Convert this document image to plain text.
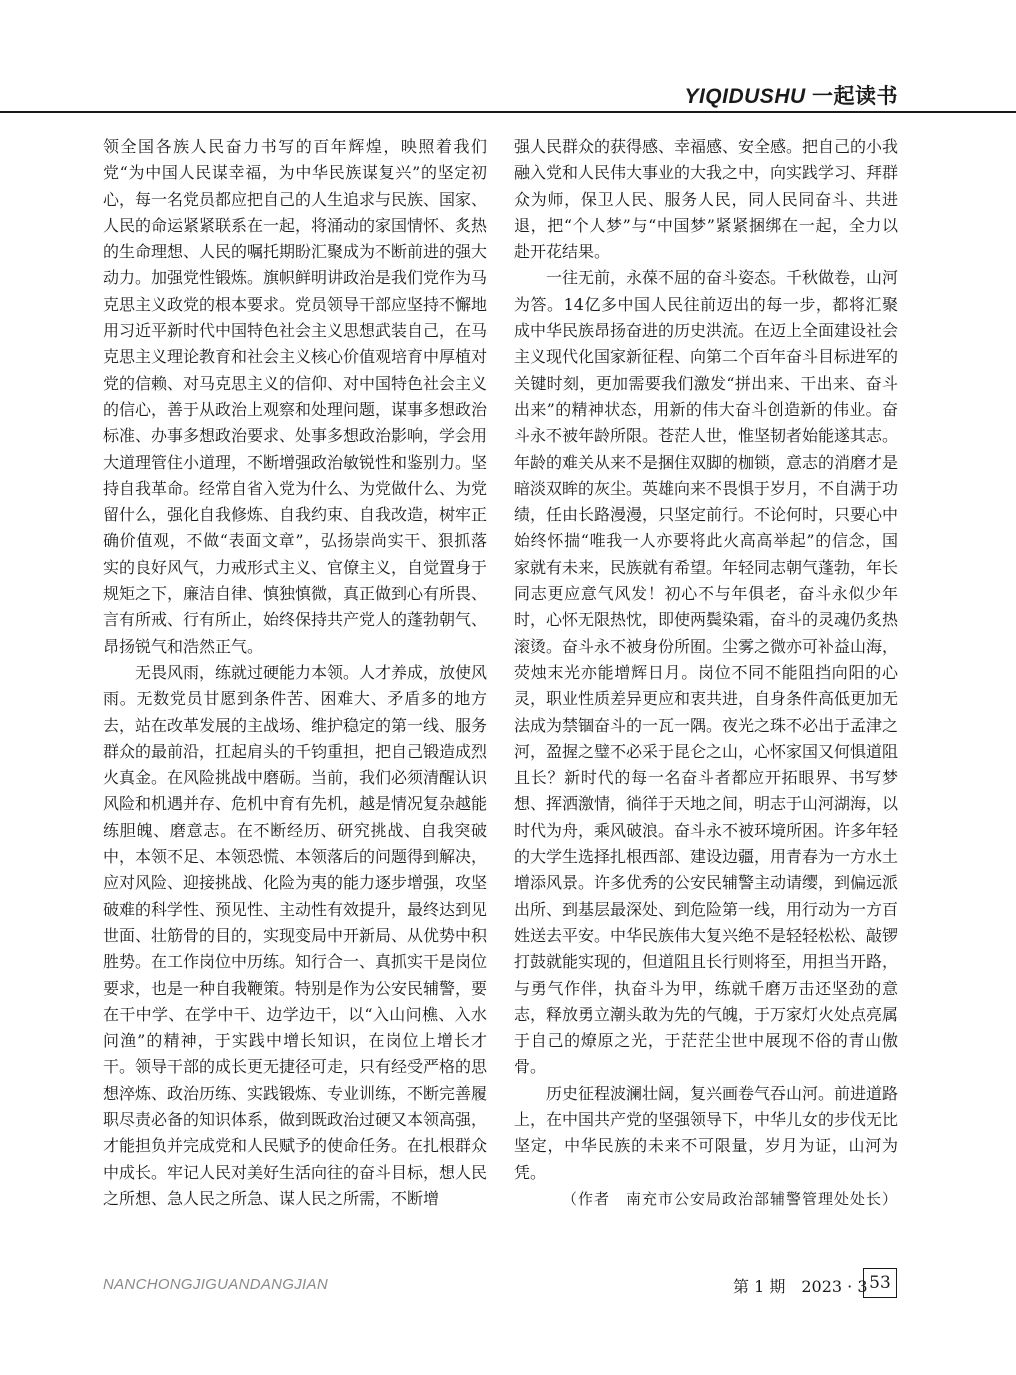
YIQIDUSHU 一起读书

领全国各族人民奋力书写的百年辉煌，映照着我们党“为中国人民谋幸福，为中华民族谋复兴”的坚定初心，每一名党员都应把自己的人生追求与民族、国家、人民的命运紧紧联系在一起，将涌动的家国情怀、炙热的生命理想、人民的嘱托期盼汇聚成为不断前进的强大动力。加强党性锻炼。旗帜鲜明讲政治是我们党作为马克思主义政党的根本要求。党员领导干部应坚持不懈地用习近平新时代中国特色社会主义思想武装自己，在马克思主义理论教育和社会主义核心价值观培育中厚植对党的信赖、对马克思主义的信仰、对中国特色社会主义的信心，善于从政治上观察和处理问题，谋事多想政治标准、办事多想政治要求、处事多想政治影响，学会用大道理管住小道理，不断增强政治敏锐性和鉴别力。坚持自我革命。经常自省入党为什么、为党做什么、为党留什么，强化自我修炼、自我约束、自我改造，树牢正确价值观，不做“表面文章”，弘扬崇尚实干、狠抓落实的良好风气，力戒形式主义、官僚主义，自觉置身于规矩之下，廉洁自律、慎独慎微，真正做到心有所畏、言有所戒、行有所止，始终保持共产党人的蓬勃朝气、昂扬锐气和浩然正气。

无畏风雨，练就过硬能力本领。人才养成，放使风雨。无数党员甘愿到条件苦、困难大、矛盾多的地方去，站在改革发展的主战场、维护稳定的第一线、服务群众的最前沿，扛起肩头的千钧重担，把自己锻造成烈火真金。在风险挑战中磨砺。当前，我们必须清醒认识风险和机遇并存、危机中育有先机，越是情况复杂越能练胆魄、磨意志。在不断经历、研究挑战、自我突破中，本领不足、本领恐慌、本领落后的问题得到解决，应对风险、迎接挑战、化险为夷的能力逐步增强，攻坚破难的科学性、预见性、主动性有效提升，最终达到见世面、壮筋骨的目的，实现变局中开新局、从优势中积胜势。在工作岗位中历练。知行合一、真抓实干是岗位要求，也是一种自我鞭策。特别是作为公安民辅警，要在干中学、在学中干、边学边干，以“入山问樵、入水问渔”的精神，于实践中增长知识，在岗位上增长才干。领导干部的成长更无捷径可走，只有经受严格的思想淬炼、政治历练、实践锻炼、专业训练，不断完善履职尽责必备的知识体系，做到既政治过硬又本领高强，才能担负并完成党和人民赋予的使命任务。在扎根群众中成长。牢记人民对美好生活向往的奋斗目标，想人民之所想、急人民之所急、谋人民之所需，不断增

强人民群众的获得感、幸福感、安全感。把自己的小我融入党和人民伟大事业的大我之中，向实践学习、拜群众为师，保卫人民、服务人民，同人民同奋斗、共进退，把“个人梦”与“中国梦”紧紧捆绑在一起，全力以赴开花结果。

一往无前，永葆不屈的奋斗姿态。千秋做卷，山河为答。14亿多中国人民往前迈出的每一步，都将汇聚成中华民族昂扬奋进的历史洪流。在迈上全面建设社会主义现代化国家新征程、向第二个百年奋斗目标进军的关键时刻，更加需要我们激发“拼出来、干出来、奋斗出来”的精神状态，用新的伟大奋斗创造新的伟业。奋斗永不被年龄所限。苍茫人世，惟坚韧者始能遂其志。年龄的难关从来不是捆住双脚的枷锁，意志的消磨才是暗淡双眸的灰尘。英雄向来不畏惧于岁月，不自满于功绩，任由长路漫漫，只坚定前行。不论何时，只要心中始终怀揣“唯我一人亦要将此火高高举起”的信念，国家就有未来，民族就有希望。年轻同志朝气蓬勃，年长同志更应意气风发！初心不与年俱老，奋斗永似少年时，心怀无限热忱，即使两鬓染霜，奋斗的灵魂仍炙热滚烫。奋斗永不被身份所囿。尘雾之微亦可补益山海，荧烛末光亦能增辉日月。岗位不同不能阻挡向阳的心灵，职业性质差异更应和衷共进，自身条件高低更加无法成为禁锢奋斗的一瓦一隅。夜光之珠不必出于孟津之河，盈握之璧不必采于昆仑之山，心怀家国又何惧道阻且长？新时代的每一名奋斗者都应开拓眼界、书写梦想、挥洒激情，徜徉于天地之间，明志于山河湖海，以时代为舟，乘风破浪。奋斗永不被环境所困。许多年轻的大学生选择扎根西部、建设边疆，用青春为一方水土增添风景。许多优秀的公安民辅警主动请缨，到偏远派出所、到基层最深处、到危险第一线，用行动为一方百姓送去平安。中华民族伟大复兴绝不是轻轻松松、敲锣打鼓就能实现的，但道阻且长行则将至，用担当开路，与勇气作伴，执奋斗为甲，练就千磨万击还坚劲的意志，释放勇立潮头敢为先的气魄，于万家灯火处点亮属于自己的燎原之光，于茫茫尘世中展现不俗的青山傲骨。

历史征程波澜壮阔，复兴画卷气吞山河。前进道路上，在中国共产党的坚强领导下，中华儿女的步伐无比坚定，中华民族的未来不可限量，岁月为证，山河为凭。

（作者　南充市公安局政治部辅警管理处处长）

NANCHONGJIGUANDANGJIAN	第 1 期　2023 · 3 53
